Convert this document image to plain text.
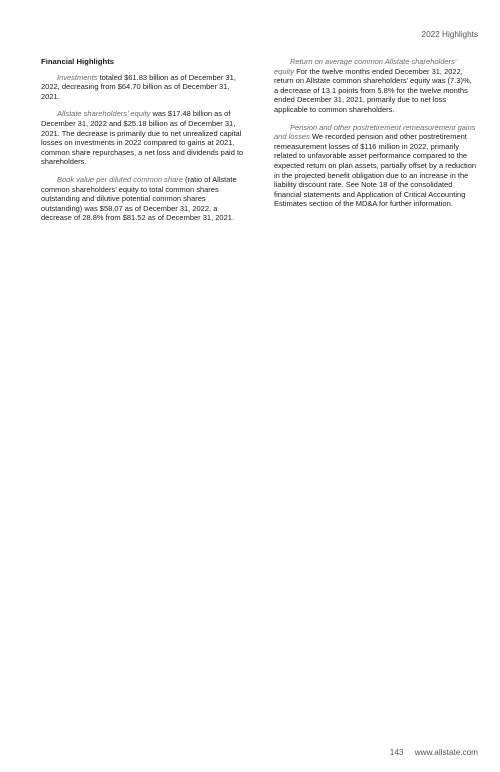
2022 Highlights
Financial Highlights

Investments totaled $61.83 billion as of December 31, 2022, decreasing from $64.70 billion as of December 31, 2021.

Allstate shareholders’ equity was $17.48 billion as of December 31, 2022 and $25.18 billion as of December 31, 2021. The decrease is primarily due to net unrealized capital losses on investments in 2022 compared to gains at 2021, common share repurchases, a net loss and dividends paid to shareholders.

Book value per diluted common share (ratio of Allstate common shareholders’ equity to total common shares outstanding and dilutive potential common shares outstanding) was $58.07 as of December 31, 2022, a decrease of 28.8% from $81.52 as of December 31, 2021.

Return on average common Allstate shareholders’ equity For the twelve months ended December 31, 2022, return on Allstate common shareholders’ equity was (7.3)%, a decrease of 13.1 points from 5.8% for the twelve months ended December 31, 2021, primarily due to net loss applicable to common shareholders.

Pension and other postretirement remeasurement gains and losses We recorded pension and other postretirement remeasurement losses of $116 million in 2022, primarily related to unfavorable asset performance compared to the expected return on plan assets, partially offset by a reduction in the projected benefit obligation due to an increase in the liability discount rate. See Note 18 of the consolidated financial statements and Application of Critical Accounting Estimates section of the MD&A for further information.

143 www.allstate.com
